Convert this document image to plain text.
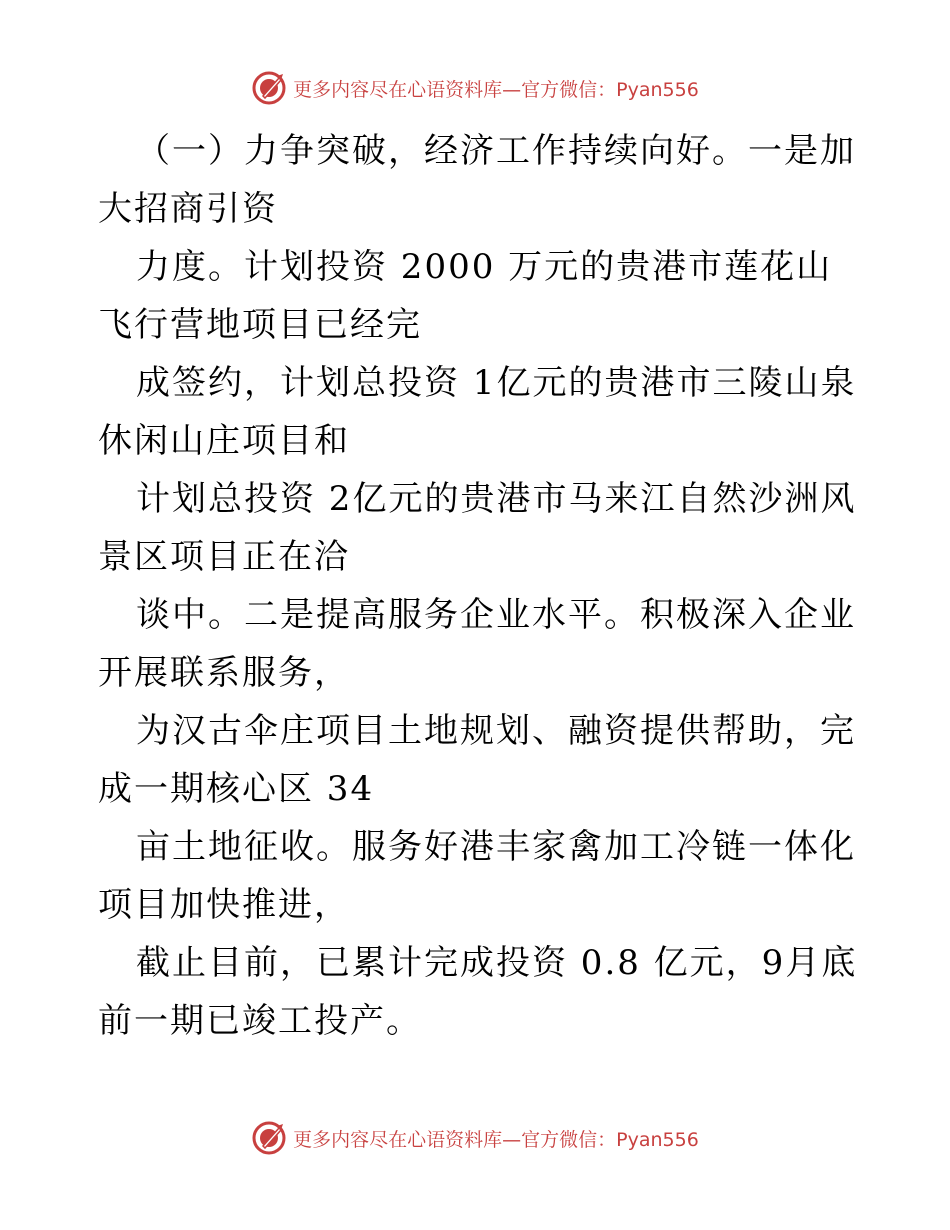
更多内容尽在心语资料库—官方微信：Pyan556

（一）力争突破，经济工作持续向好。一是加大招商引资

力度。计划投资 2000 万元的贵港市莲花山飞行营地项目已经完

成签约，计划总投资 1亿元的贵港市三陵山泉休闲山庄项目和

计划总投资 2亿元的贵港市马来江自然沙洲风景区项目正在洽

谈中。二是提高服务企业水平。积极深入企业开展联系服务，

为汉古伞庄项目土地规划、融资提供帮助，完成一期核心区 34

亩土地征收。服务好港丰家禽加工冷链一体化项目加快推进，

截止目前，已累计完成投资 0.8 亿元，9月底前一期已竣工投产。

更多内容尽在心语资料库—官方微信：Pyan556
